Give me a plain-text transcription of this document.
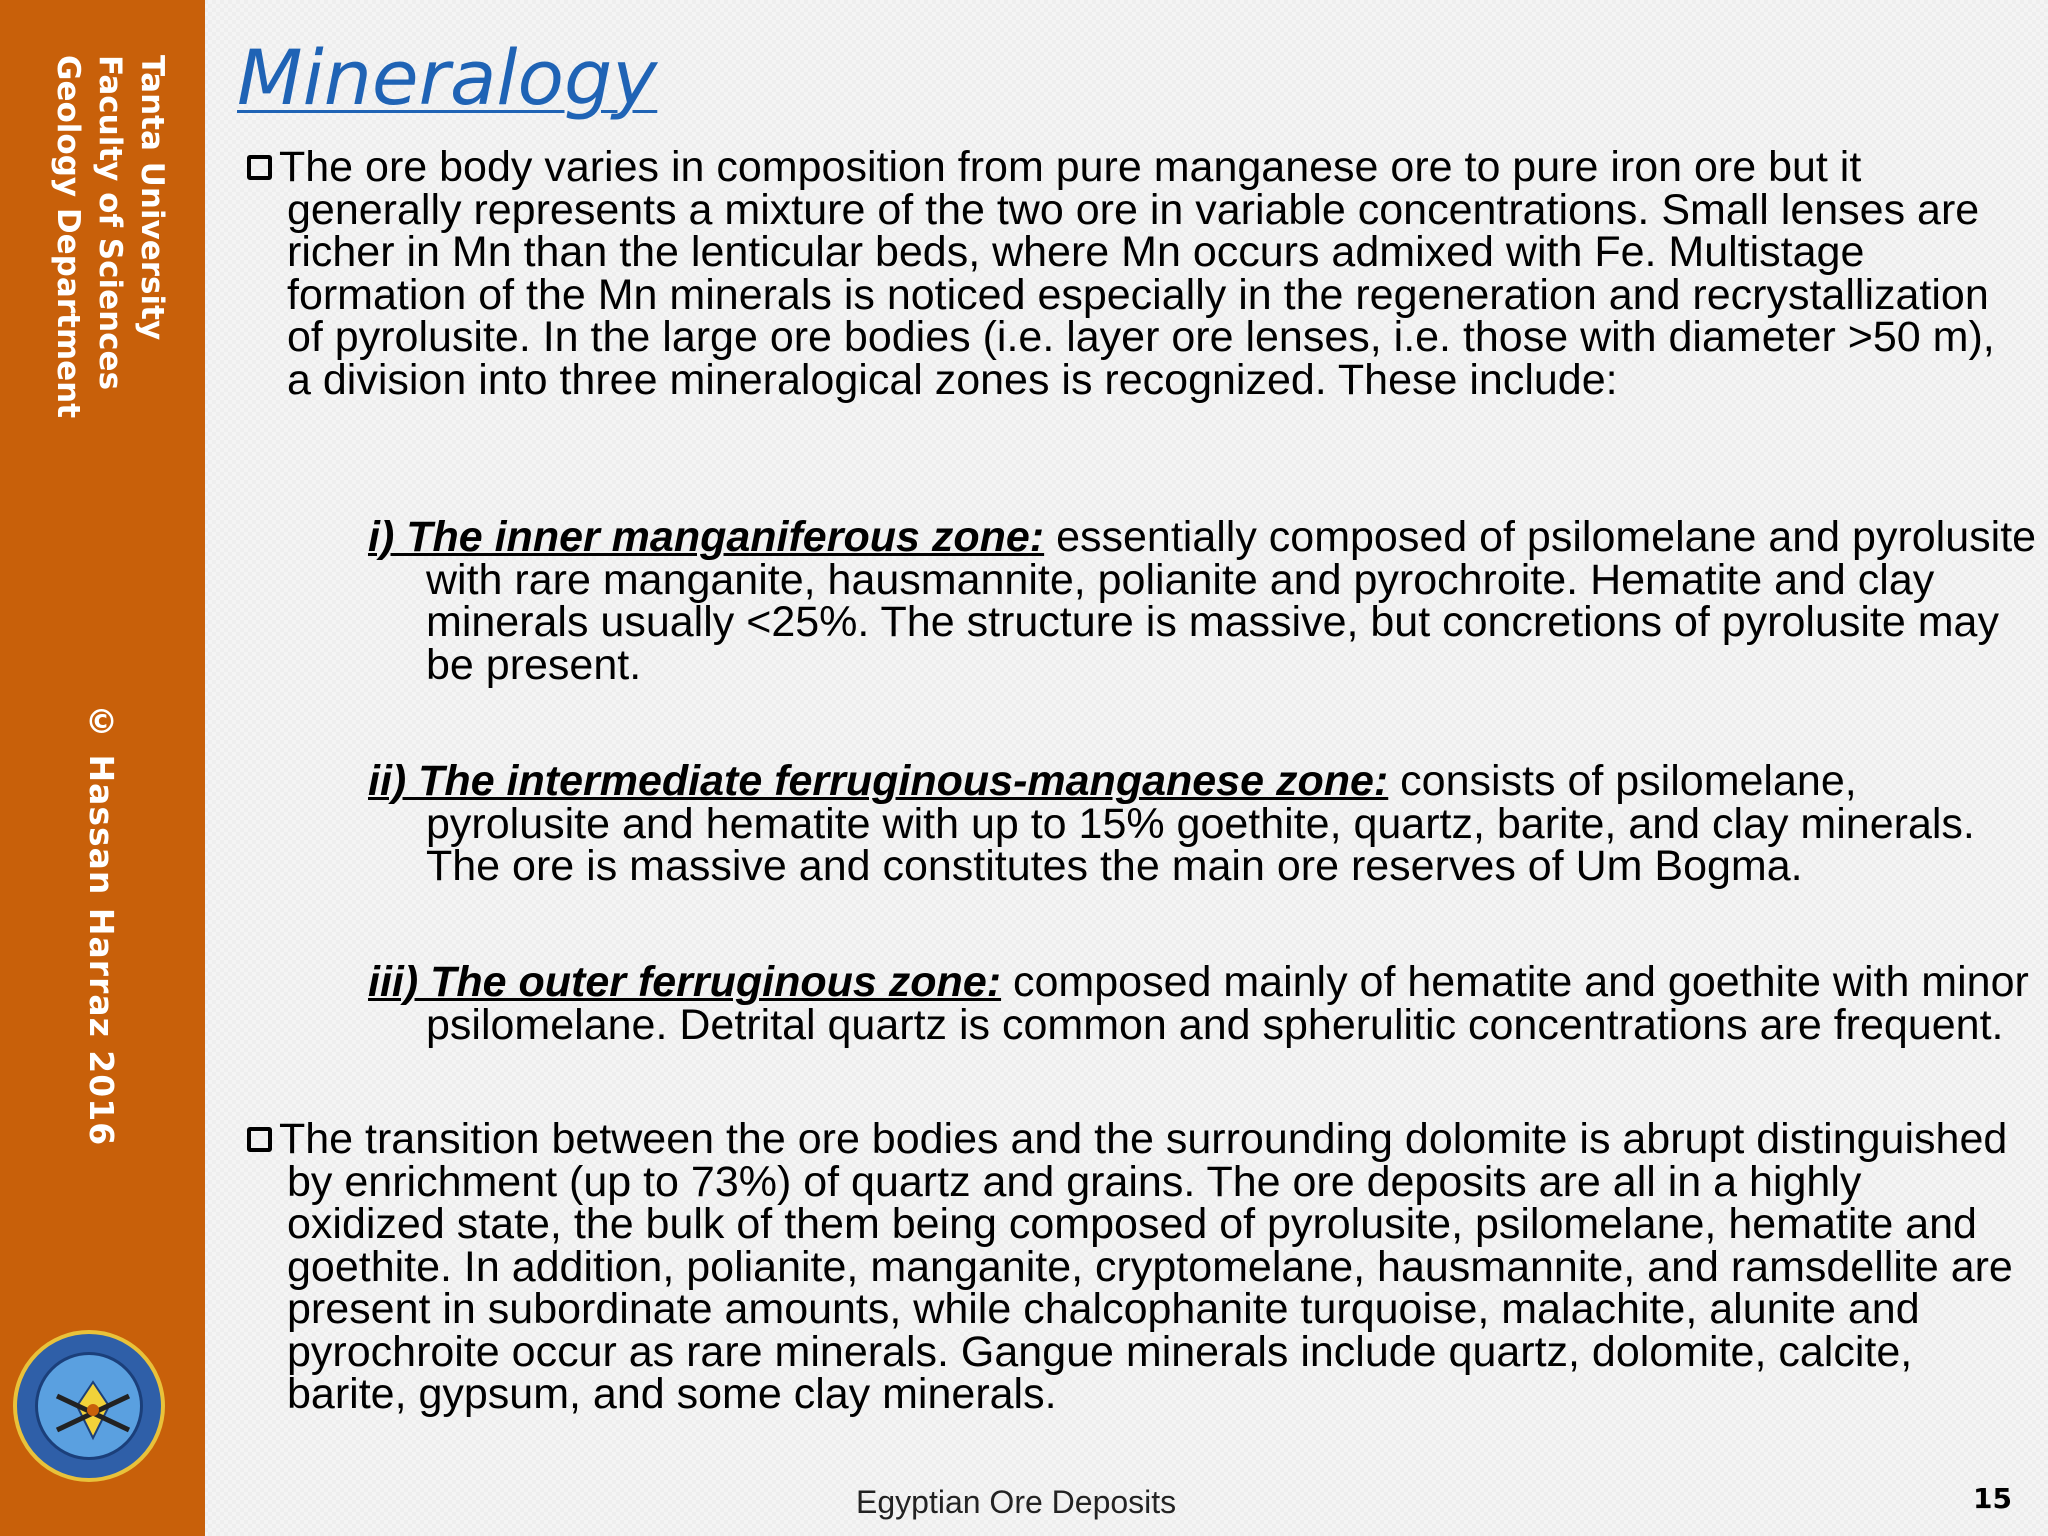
Tanta University
Faculty of Sciences
Geology Department
© Hassan Harraz 2016
Mineralogy

The ore body varies in composition from pure manganese ore to pure iron ore but it generally represents a mixture of the two ore in variable concentrations. Small lenses are richer in Mn than the lenticular beds, where Mn occurs admixed with Fe. Multistage formation of the Mn minerals is noticed especially in the regeneration and recrystallization of pyrolusite. In the large ore bodies (i.e. layer ore lenses, i.e. those with diameter >50 m), a division into three mineralogical zones is recognized. These include:

i) The inner manganiferous zone: essentially composed of psilomelane and pyrolusite with rare manganite, hausmannite, polianite and pyrochroite. Hematite and clay minerals usually <25%. The structure is massive, but concretions of pyrolusite may be present.

ii) The intermediate ferruginous-manganese zone: consists of psilomelane, pyrolusite and hematite with up to 15% goethite, quartz, barite, and clay minerals. The ore is massive and constitutes the main ore reserves of Um Bogma.

iii) The outer ferruginous zone: composed mainly of hematite and goethite with minor psilomelane. Detrital quartz is common and spherulitic concentrations are frequent.

The transition between the ore bodies and the surrounding dolomite is abrupt distinguished by enrichment (up to 73%) of quartz and grains. The ore deposits are all in a highly oxidized state, the bulk of them being composed of pyrolusite, psilomelane, hematite and goethite. In addition, polianite, manganite, cryptomelane, hausmannite, and ramsdellite are present in subordinate amounts, while chalcophanite turquoise, malachite, alunite and pyrochroite occur as rare minerals. Gangue minerals include quartz, dolomite, calcite, barite, gypsum, and some clay minerals.

Egyptian Ore Deposits	15
